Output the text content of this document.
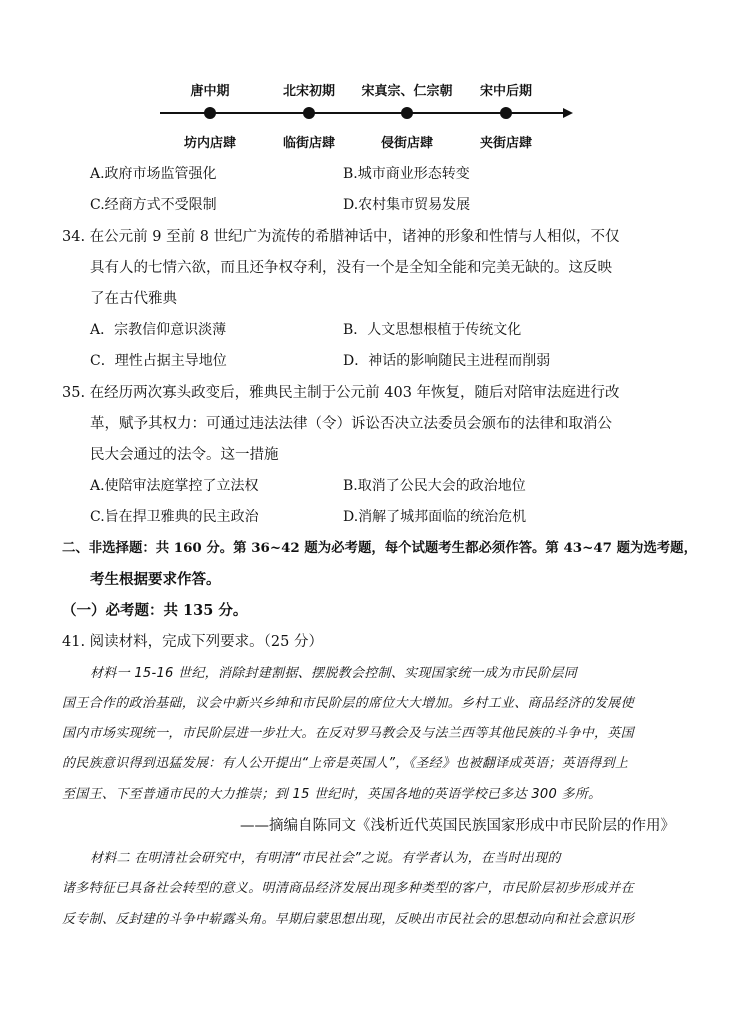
唐中期	北宋初期 宋真宗、仁宗朝 宋中后期
坊内店肆	临街店肆	侵街店肆	夹街店肆
A.政府市场监管强化	B.城市商业形态转变
C.经商方式不受限制	D.农村集市贸易发展
34. 在公元前 9 至前 8 世纪广为流传的希腊神话中，诸神的形象和性情与人相似，不仅
具有人的七情六欲，而且还争权夺利，没有一个是全知全能和完美无缺的。这反映
了在古代雅典
A．宗教信仰意识淡薄	B．人文思想根植于传统文化
C．理性占据主导地位	D．神话的影响随民主进程而削弱
35. 在经历两次寡头政变后，雅典民主制于公元前 403 年恢复，随后对陪审法庭进行改
革，赋予其权力：可通过违法法律（令）诉讼否决立法委员会颁布的法律和取消公
民大会通过的法令。这一措施
A.使陪审法庭掌控了立法权	B.取消了公民大会的政治地位
C.旨在捍卫雅典的民主政治	D.消解了城邦面临的统治危机
二、非选择题：共 160 分。第 36~42 题为必考题，每个试题考生都必须作答。第 43~47 题为选考题，
考生根据要求作答。
（一）必考题：共 135 分。
41. 阅读材料，完成下列要求。（25 分）
材料一 15-16 世纪，消除封建割据、摆脱教会控制、实现国家统一成为市民阶层同
国王合作的政治基础，议会中新兴乡绅和市民阶层的席位大大增加。乡村工业、商品经济的发展使
国内市场实现统一，市民阶层进一步壮大。在反对罗马教会及与法兰西等其他民族的斗争中，英国
的民族意识得到迅猛发展：有人公开提出“上帝是英国人”，《圣经》也被翻译成英语；英语得到上
至国王、下至普通市民的大力推崇；到 15 世纪时，英国各地的英语学校已多达 300 多所。
——摘编自陈同文《浅析近代英国民族国家形成中市民阶层的作用》
材料二 在明清社会研究中，有明清“市民社会”之说。有学者认为，在当时出现的
诸多特征已具备社会转型的意义。明清商品经济发展出现多种类型的客户，市民阶层初步形成并在
反专制、反封建的斗争中崭露头角。早期启蒙思想出现，反映出市民社会的思想动向和社会意识形
